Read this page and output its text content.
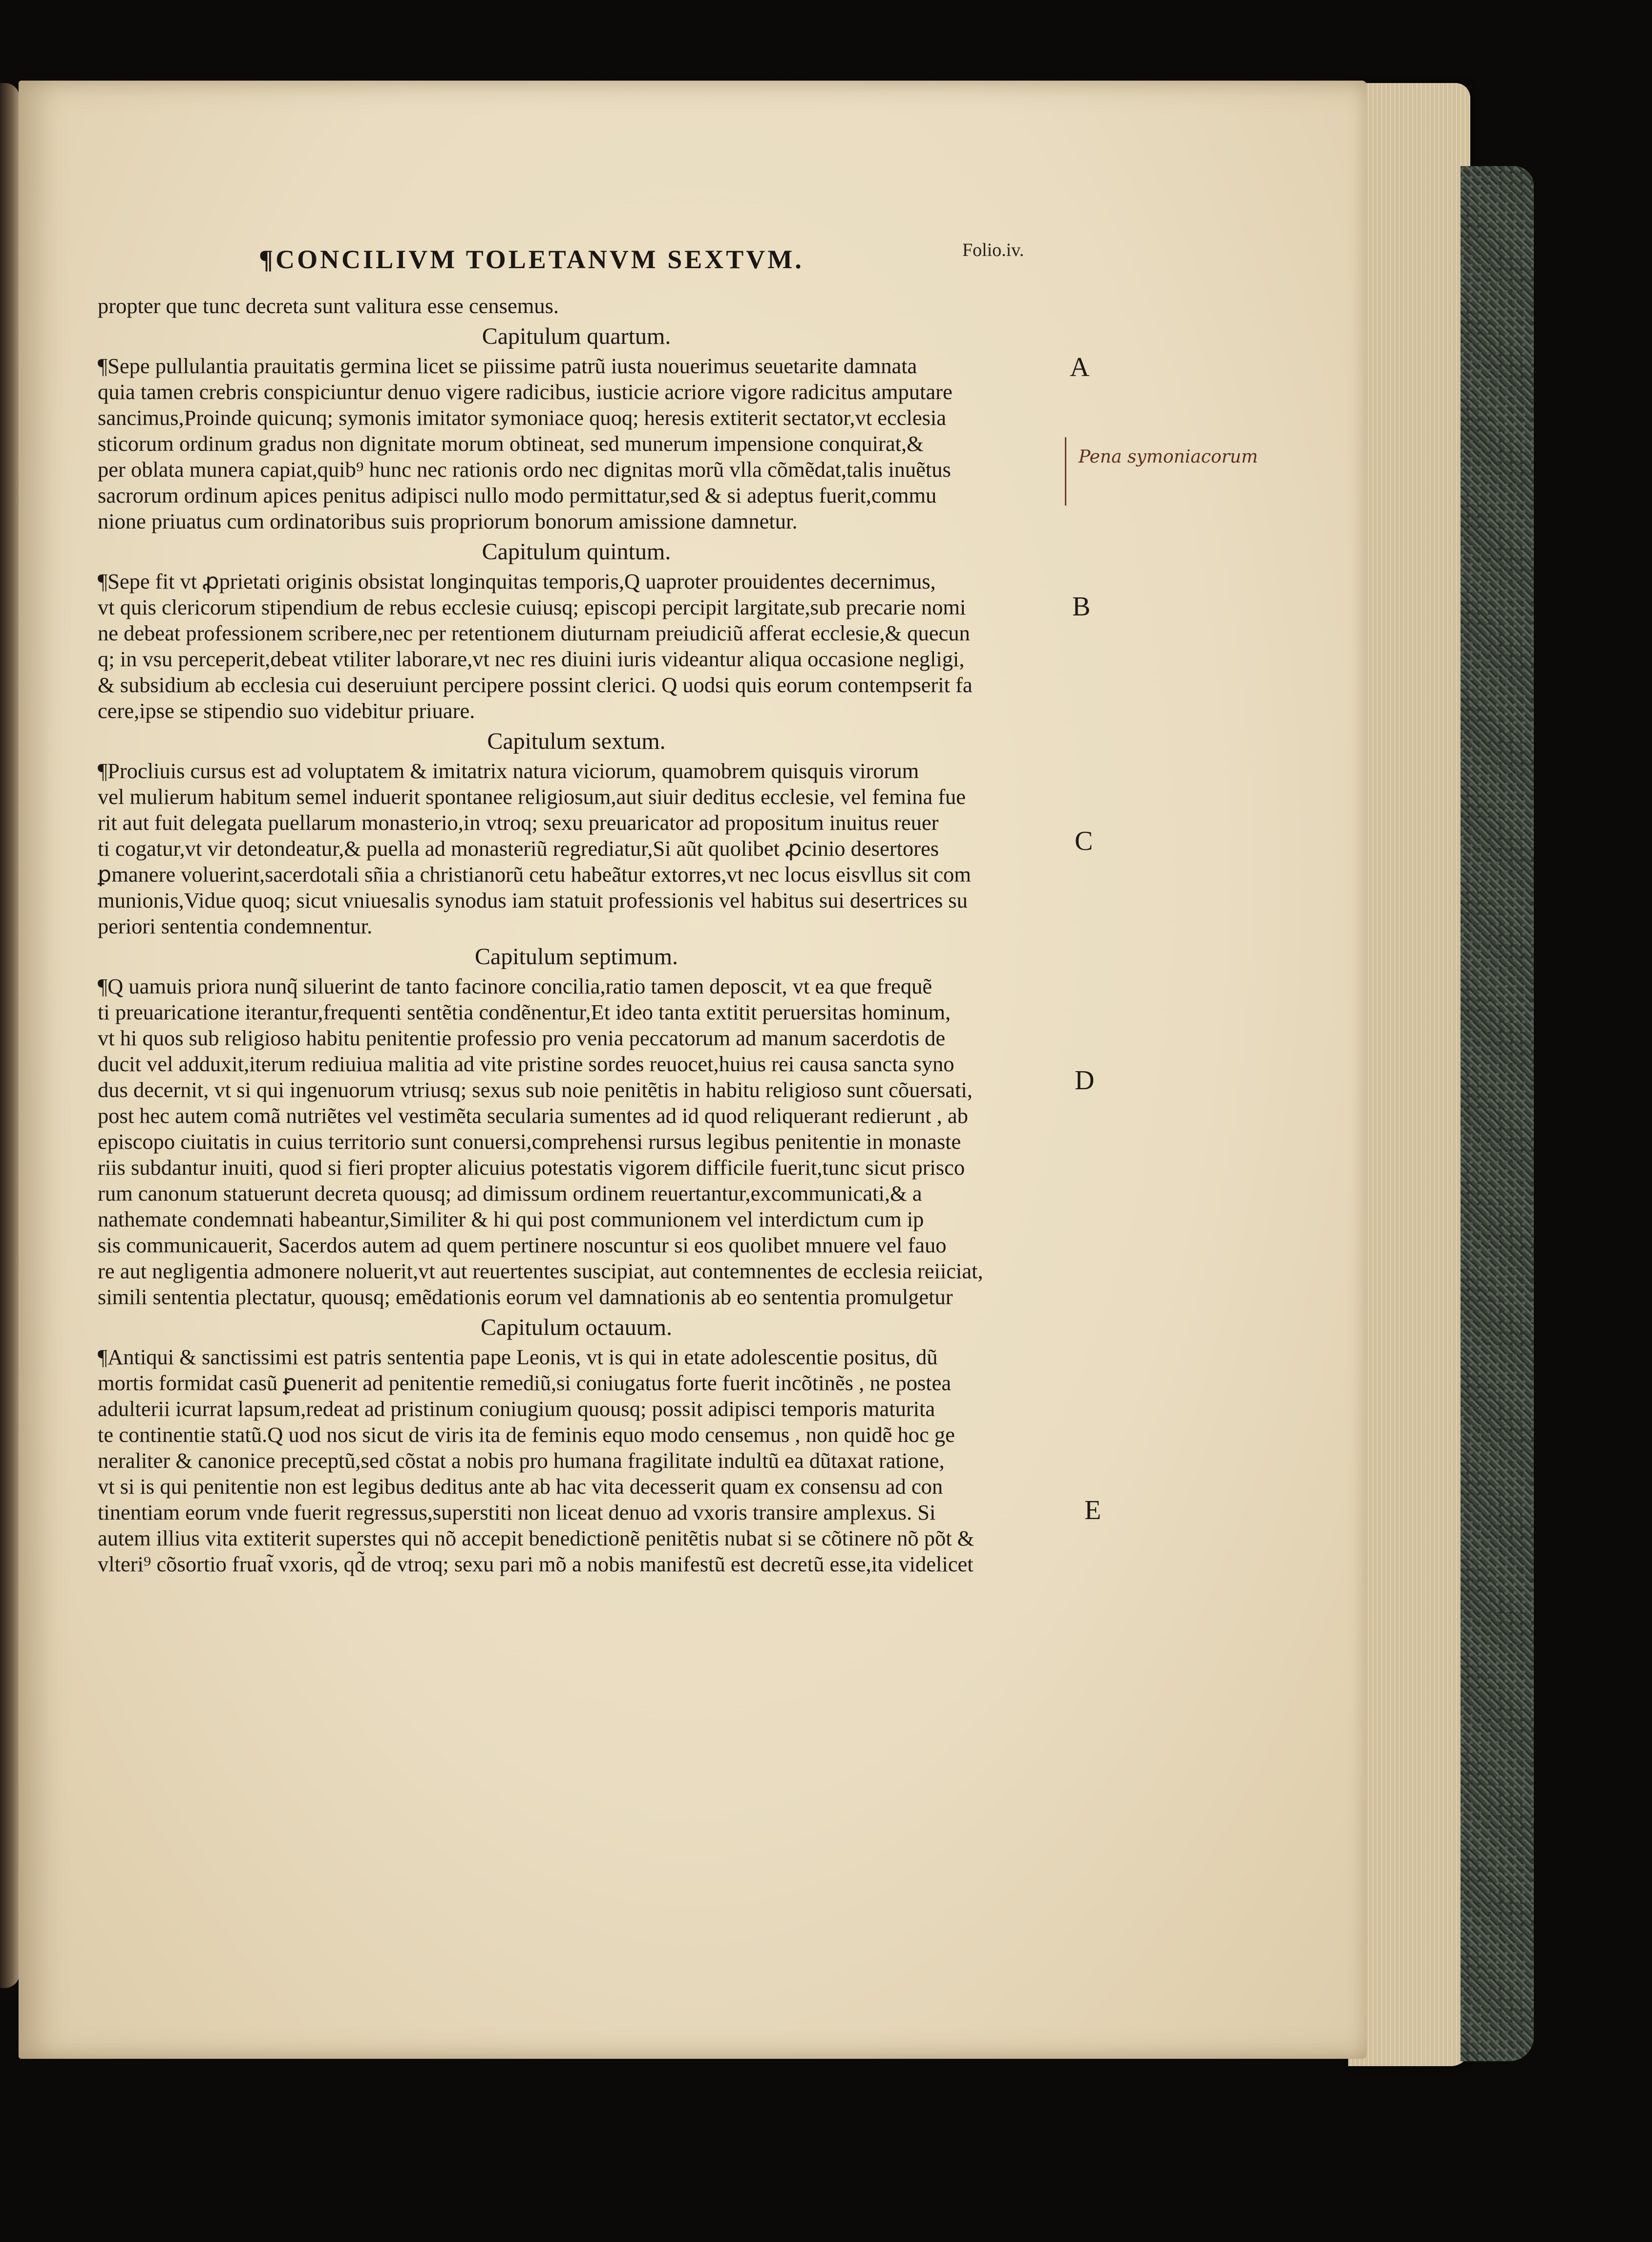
¶CONCILIVM TOLETANVM SEXTVM.	Folio.iv.
A
B
C
D
E
Pena symoniacorum
propter que tunc decreta sunt valitura esse censemus.
Capitulum quartum.
¶Sepe pullulantia prauitatis germina licet se piissime patrũ iusta nouerimus seuetarite damnata
quia tamen crebris conspiciuntur denuo vigere radicibus, iusticie acriore vigore radicitus amputare
sancimus,Proinde quicunq; symonis imitator symoniace quoq; heresis extiterit sectator,vt ecclesia
sticorum ordinum gradus non dignitate morum obtineat, sed munerum impensione conquirat,&
per oblata munera capiat,quib⁹ hunc nec rationis ordo nec dignitas morũ vlla cõmẽdat,talis inuẽtus
sacrorum ordinum apices penitus adipisci nullo modo permittatur,sed & si adeptus fuerit,commu
nione priuatus cum ordinatoribus suis propriorum bonorum amissione damnetur.
Capitulum quintum.
¶Sepe fit vt ꝓprietati originis obsistat longinquitas temporis,Q uaproter prouidentes decernimus,
vt quis clericorum stipendium de rebus ecclesie cuiusq; episcopi percipit largitate,sub precarie nomi
ne debeat professionem scribere,nec per retentionem diuturnam preiudiciũ afferat ecclesie,& quecun
q; in vsu perceperit,debeat vtiliter laborare,vt nec res diuini iuris videantur aliqua occasione negligi,
& subsidium ab ecclesia cui deseruiunt percipere possint clerici. Q uodsi quis eorum contempserit fa
cere,ipse se stipendio suo videbitur priuare.
Capitulum sextum.
¶Procliuis cursus est ad voluptatem & imitatrix natura viciorum, quamobrem quisquis virorum
vel mulierum habitum semel induerit spontanee religiosum,aut siuir deditus ecclesie, vel femina fue
rit aut fuit delegata puellarum monasterio,in vtroq; sexu preuaricator ad propositum inuitus reuer
ti cogatur,vt vir detondeatur,& puella ad monasteriũ regrediatur,Si aũt quolibet ꝓcinio desertores
ꝑmanere voluerint,sacerdotali sñia a christianorũ cetu habeãtur extorres,vt nec locus eisvllus sit com
munionis,Vidue quoq; sicut vniuesalis synodus iam statuit professionis vel habitus sui desertrices su
periori sententia condemnentur.
Capitulum septimum.
¶Q uamuis priora nunq̃ siluerint de tanto facinore concilia,ratio tamen deposcit, vt ea que frequẽ
ti preuaricatione iterantur,frequenti sentẽtia condẽnentur,Et ideo tanta extitit peruersitas hominum,
vt hi quos sub religioso habitu penitentie professio pro venia peccatorum ad manum sacerdotis de
ducit vel adduxit,iterum rediuiua malitia ad vite pristine sordes reuocet,huius rei causa sancta syno
dus decernit, vt si qui ingenuorum vtriusq; sexus sub noie penitẽtis in habitu religioso sunt cõuersati,
post hec autem comã nutriẽtes vel vestimẽta secularia sumentes ad id quod reliquerant redierunt , ab
episcopo ciuitatis in cuius territorio sunt conuersi,comprehensi rursus legibus penitentie in monaste
riis subdantur inuiti, quod si fieri propter alicuius potestatis vigorem difficile fuerit,tunc sicut prisco
rum canonum statuerunt decreta quousq; ad dimissum ordinem reuertantur,excommunicati,& a
nathemate condemnati habeantur,Similiter & hi qui post communionem vel interdictum cum ip
sis communicauerit, Sacerdos autem ad quem pertinere noscuntur si eos quolibet mnuere vel fauo
re aut negligentia admonere noluerit,vt aut reuertentes suscipiat, aut contemnentes de ecclesia reiiciat,
simili sententia plectatur, quousq; emẽdationis eorum vel damnationis ab eo sententia promulgetur
Capitulum octauum.
¶Antiqui & sanctissimi est patris sententia pape Leonis, vt is qui in etate adolescentie positus, dũ
mortis formidat casũ ꝑuenerit ad penitentie remediũ,si coniugatus forte fuerit incõtinẽs , ne postea
adulterii icurrat lapsum,redeat ad pristinum coniugium quousq; possit adipisci temporis maturita
te continentie statũ.Q uod nos sicut de viris ita de feminis equo modo censemus , non quidẽ hoc ge
neraliter & canonice preceptũ,sed cõstat a nobis pro humana fragilitate indultũ ea dũtaxat ratione,
vt si is qui penitentie non est legibus deditus ante ab hac vita decesserit quam ex consensu ad con
tinentiam eorum vnde fuerit regressus,superstiti non liceat denuo ad vxoris transire amplexus. Si
autem illius vita extiterit superstes qui nõ accepit benedictionẽ penitẽtis nubat si se cõtinere nõ põt &
vlteri⁹ cõsortio fruat̃ vxoris, qd̃ de vtroq; sexu pari mõ a nobis manifestũ est decretũ esse,ita videlicet
